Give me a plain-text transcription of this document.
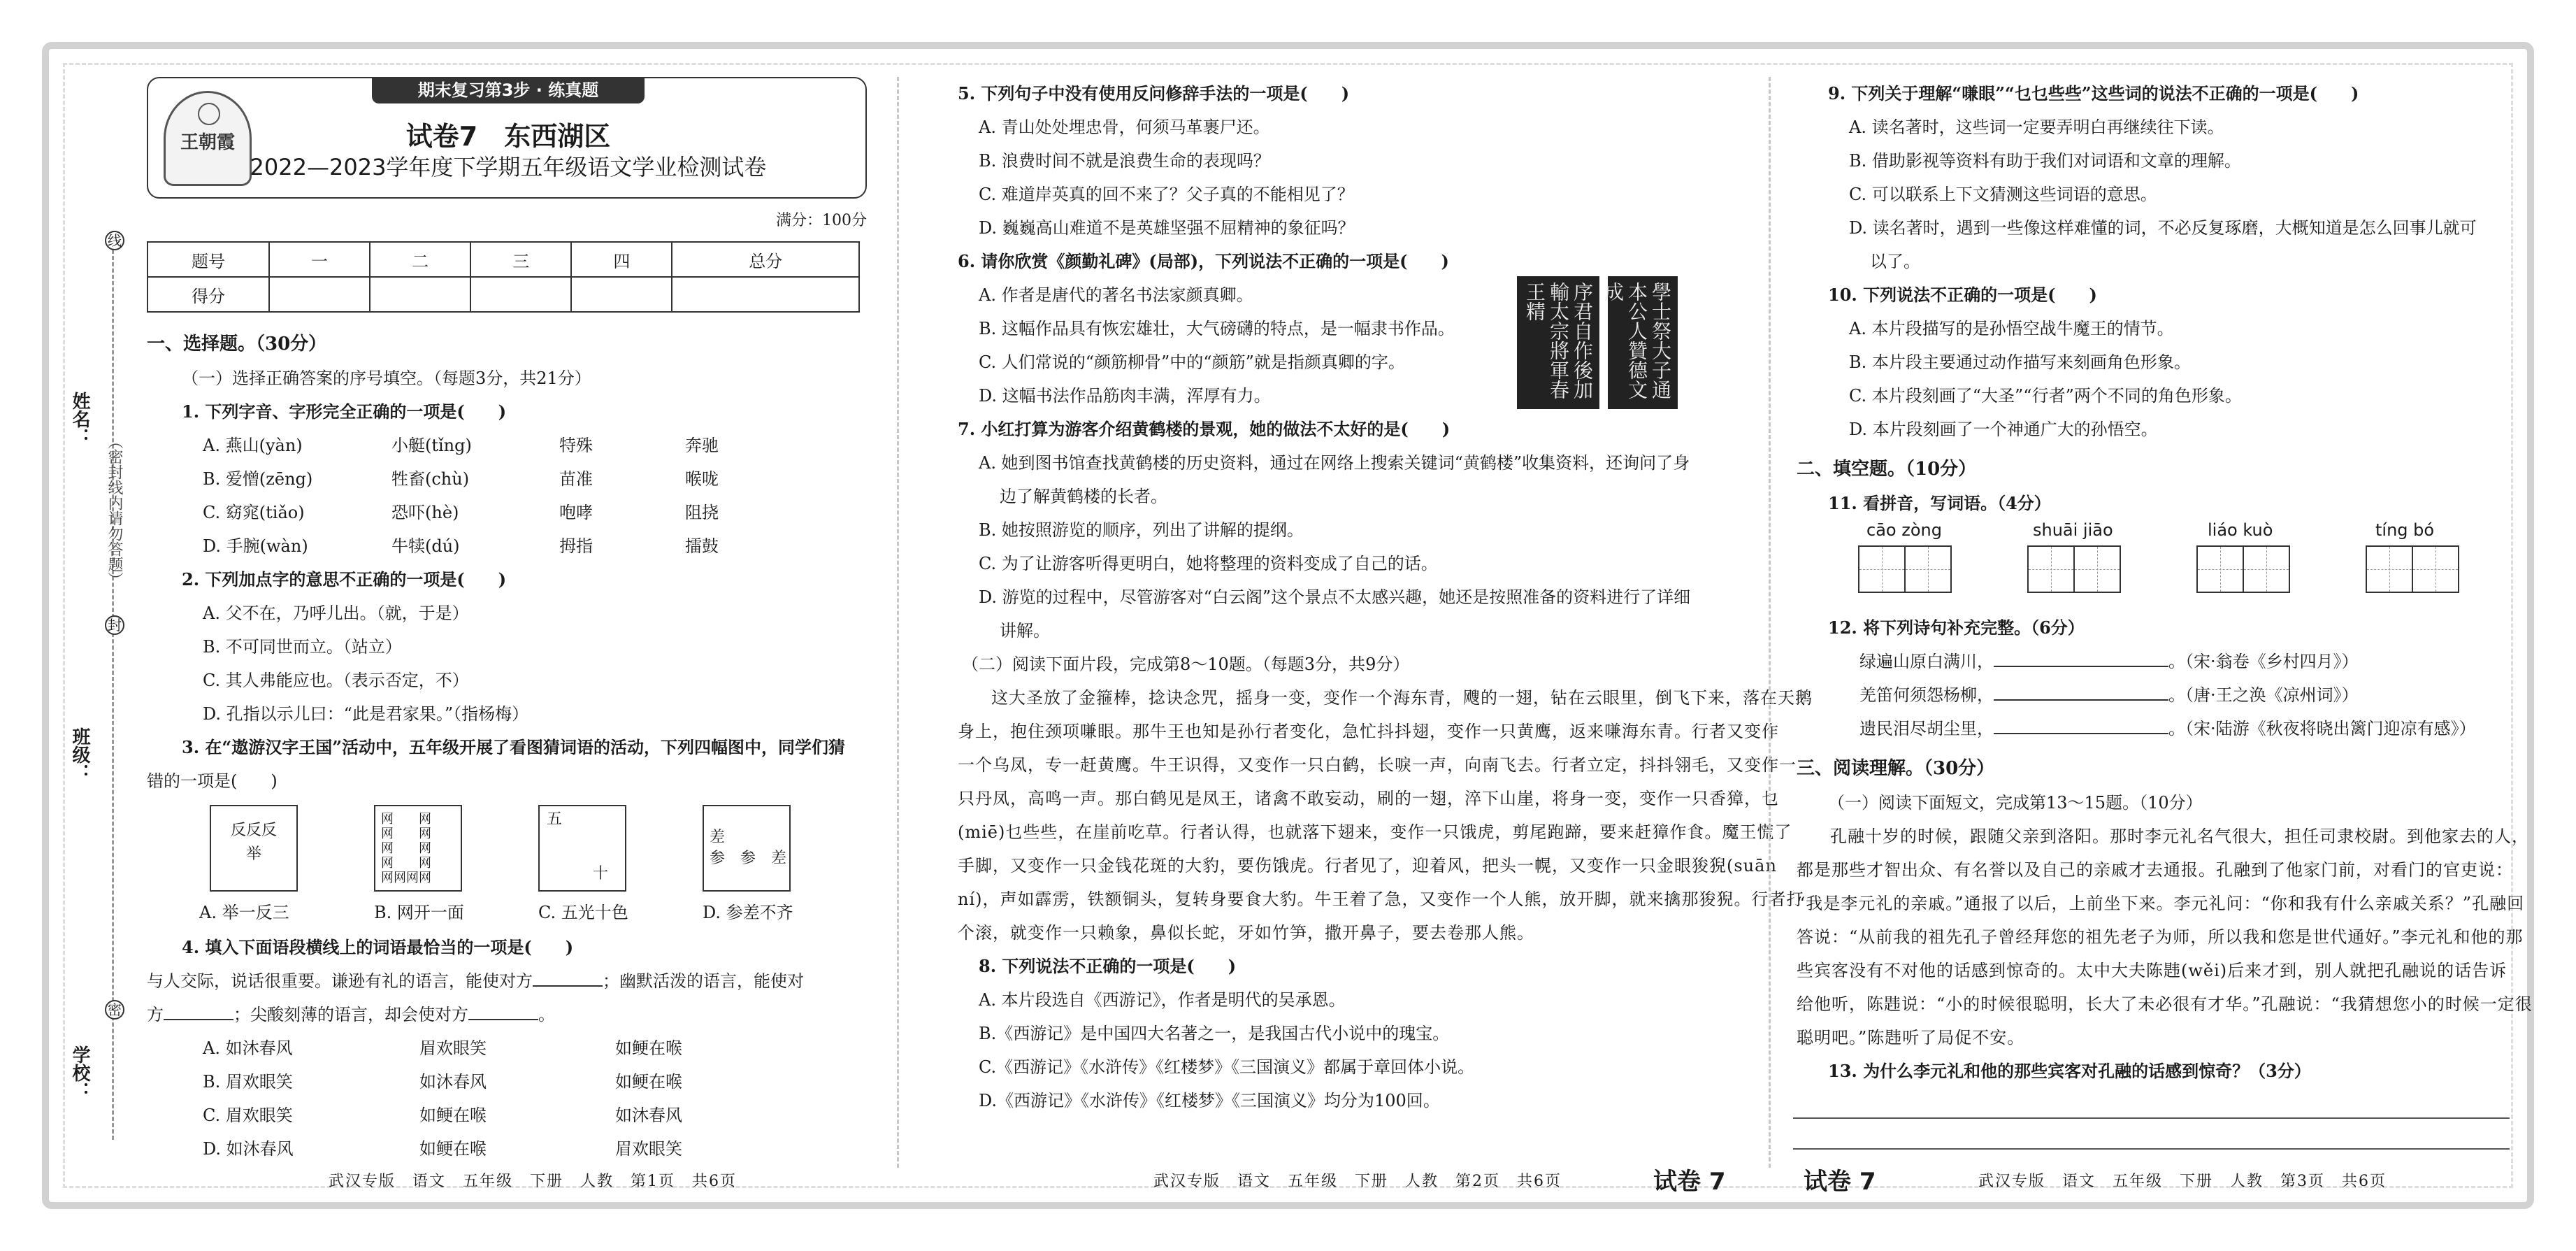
线
封
密
（密封线内请勿答题）
姓名：
班级：
学校：
期末复习第3步 · 练真题
王朝霞	试卷7　东西湖区
2022—2023学年度下学期五年级语文学业检测试卷
满分：100分
题号	一	二	三	四	总分
得分					
一、选择题。（30分）
（一）选择正确答案的序号填空。（每题3分，共21分）
1. 下列字音、字形完全正确的一项是(　　)
A. 燕山(yàn)	小艇(tǐng)	特殊	奔驰
B. 爱憎(zēng)	牲畜(chù)	苗准	喉咙
C. 窈窕(tiǎo)	恐吓(hè)	咆哮	阻挠
D. 手腕(wàn)	牛犊(dú)	拇指	擂鼓
2. 下列加点字的意思不正确的一项是(　　)
A. 父不在，乃呼儿出。（就，于是）
B. 不可同世而立。（站立）
C. 其人弗能应也。（表示否定，不）
D. 孔指以示儿曰：“此是君家果。”（指杨梅）
3. 在“遨游汉字王国”活动中，五年级开展了看图猜词语的活动，下列四幅图中，同学们猜
错的一项是(　　)
反反反
举
网　　网
网　　网
网　　网
网　　网
网网网网
五

　　　十
差　　
参　参　差
A. 举一反三	B. 网开一面	C. 五光十色	D. 参差不齐
4. 填入下面语段横线上的词语最恰当的一项是(　　)
与人交际，说话很重要。谦逊有礼的语言，能使对方	；幽默活泼的语言，能使对
方	；尖酸刻薄的语言，却会使对方	。
A. 如沐春风	眉欢眼笑	如鲠在喉
B. 眉欢眼笑	如沐春风	如鲠在喉
C. 眉欢眼笑	如鲠在喉	如沐春风
D. 如沐春风	如鲠在喉	眉欢眼笑
武汉专版　语文　五年级　下册　人教　第1页　共6页
5. 下列句子中没有使用反问修辞手法的一项是(　　)
A. 青山处处埋忠骨，何须马革裹尸还。
B. 浪费时间不就是浪费生命的表现吗？
C. 难道岸英真的回不来了？父子真的不能相见了？
D. 巍巍高山难道不是英雄坚强不屈精神的象征吗？
6. 请你欣赏《颜勤礼碑》(局部)，下列说法不正确的一项是(　　)
A. 作者是唐代的著名书法家颜真卿。
B. 这幅作品具有恢宏雄壮，大气磅礴的特点，是一幅隶书作品。
C. 人们常说的“颜筋柳骨”中的“颜筋”就是指颜真卿的字。
D. 这幅书法作品筋肉丰满，浑厚有力。
7. 小红打算为游客介绍黄鹤楼的景观，她的做法不太好的是(　　)
A. 她到图书馆查找黄鹤楼的历史资料，通过在网络上搜索关键词“黄鹤楼”收集资料，还询问了身
边了解黄鹤楼的长者。
B. 她按照游览的顺序，列出了讲解的提纲。
C. 为了让游客听得更明白，她将整理的资料变成了自己的话。
D. 游览的过程中，尽管游客对“白云阁”这个景点不太感兴趣，她还是按照准备的资料进行了详细
讲解。
（二）阅读下面片段，完成第8～10题。（每题3分，共9分）
这大圣放了金箍棒，捻诀念咒，摇身一变，变作一个海东青，飕的一翅，钻在云眼里，倒飞下来，落在天鹅
身上，抱住颈项嗛眼。那牛王也知是孙行者变化，急忙抖抖翅，变作一只黄鹰，返来嗛海东青。行者又变作
一个乌凤，专一赶黄鹰。牛王识得，又变作一只白鹤，长唳一声，向南飞去。行者立定，抖抖翎毛，又变作一
只丹凤，高鸣一声。那白鹤见是凤王，诸禽不敢妄动，刷的一翅，淬下山崖，将身一变，变作一只香獐，乜
(miē)乜些些，在崖前吃草。行者认得，也就落下翅来，变作一只饿虎，剪尾跑蹄，要来赶獐作食。魔王慌了
手脚，又变作一只金钱花斑的大豹，要伤饿虎。行者见了，迎着风，把头一幌，又变作一只金眼狻猊(suān
ní)，声如霹雳，铁额铜头，复转身要食大豹。牛王着了急，又变作一个人熊，放开脚，就来擒那狻猊。行者打
个滚，就变作一只赖象，鼻似长蛇，牙如竹笋，撒开鼻子，要去卷那人熊。
8. 下列说法不正确的一项是(　　)
A. 本片段选自《西游记》，作者是明代的吴承恩。
B.《西游记》是中国四大名著之一，是我国古代小说中的瑰宝。
C.《西游记》《水浒传》《红楼梦》《三国演义》都属于章回体小说。
D.《西游记》《水浒传》《红楼梦》《三国演义》均分为100回。
序君自作後加輸太宗將軍春王精	學士祭大子通本公人贊德文成
武汉专版　语文　五年级　下册　人教　第2页　共6页	试卷 7
9. 下列关于理解“嗛眼”“乜乜些些”这些词的说法不正确的一项是(　　)
A. 读名著时，这些词一定要弄明白再继续往下读。
B. 借助影视等资料有助于我们对词语和文章的理解。
C. 可以联系上下文猜测这些词语的意思。
D. 读名著时，遇到一些像这样难懂的词，不必反复琢磨，大概知道是怎么回事儿就可
以了。
10. 下列说法不正确的一项是(　　)
A. 本片段描写的是孙悟空战牛魔王的情节。
B. 本片段主要通过动作描写来刻画角色形象。
C. 本片段刻画了“大圣”“行者”两个不同的角色形象。
D. 本片段刻画了一个神通广大的孙悟空。
二、填空题。（10分）
11. 看拼音，写词语。（4分）
cāo zòng	shuāi jiāo	liáo kuò	tíng bó
12. 将下列诗句补充完整。（6分）
绿遍山原白满川，	。（宋·翁卷《乡村四月》）
羌笛何须怨杨柳，	。（唐·王之涣《凉州词》）
遗民泪尽胡尘里，	。（宋·陆游《秋夜将晓出篱门迎凉有感》）
三、阅读理解。（30分）
（一）阅读下面短文，完成第13～15题。（10分）
孔融十岁的时候，跟随父亲到洛阳。那时李元礼名气很大，担任司隶校尉。到他家去的人，
都是那些才智出众、有名誉以及自己的亲戚才去通报。孔融到了他家门前，对看门的官吏说：
“我是李元礼的亲戚。”通报了以后，上前坐下来。李元礼问：“你和我有什么亲戚关系？”孔融回
答说：“从前我的祖先孔子曾经拜您的祖先老子为师，所以我和您是世代通好。”李元礼和他的那
些宾客没有不对他的话感到惊奇的。太中大夫陈韪(wěi)后来才到，别人就把孔融说的话告诉
给他听，陈韪说：“小的时候很聪明，长大了未必很有才华。”孔融说：“我猜想您小的时候一定很
聪明吧。”陈韪听了局促不安。
13. 为什么李元礼和他的那些宾客对孔融的话感到惊奇？（3分）
试卷 7	武汉专版　语文　五年级　下册　人教　第3页　共6页
